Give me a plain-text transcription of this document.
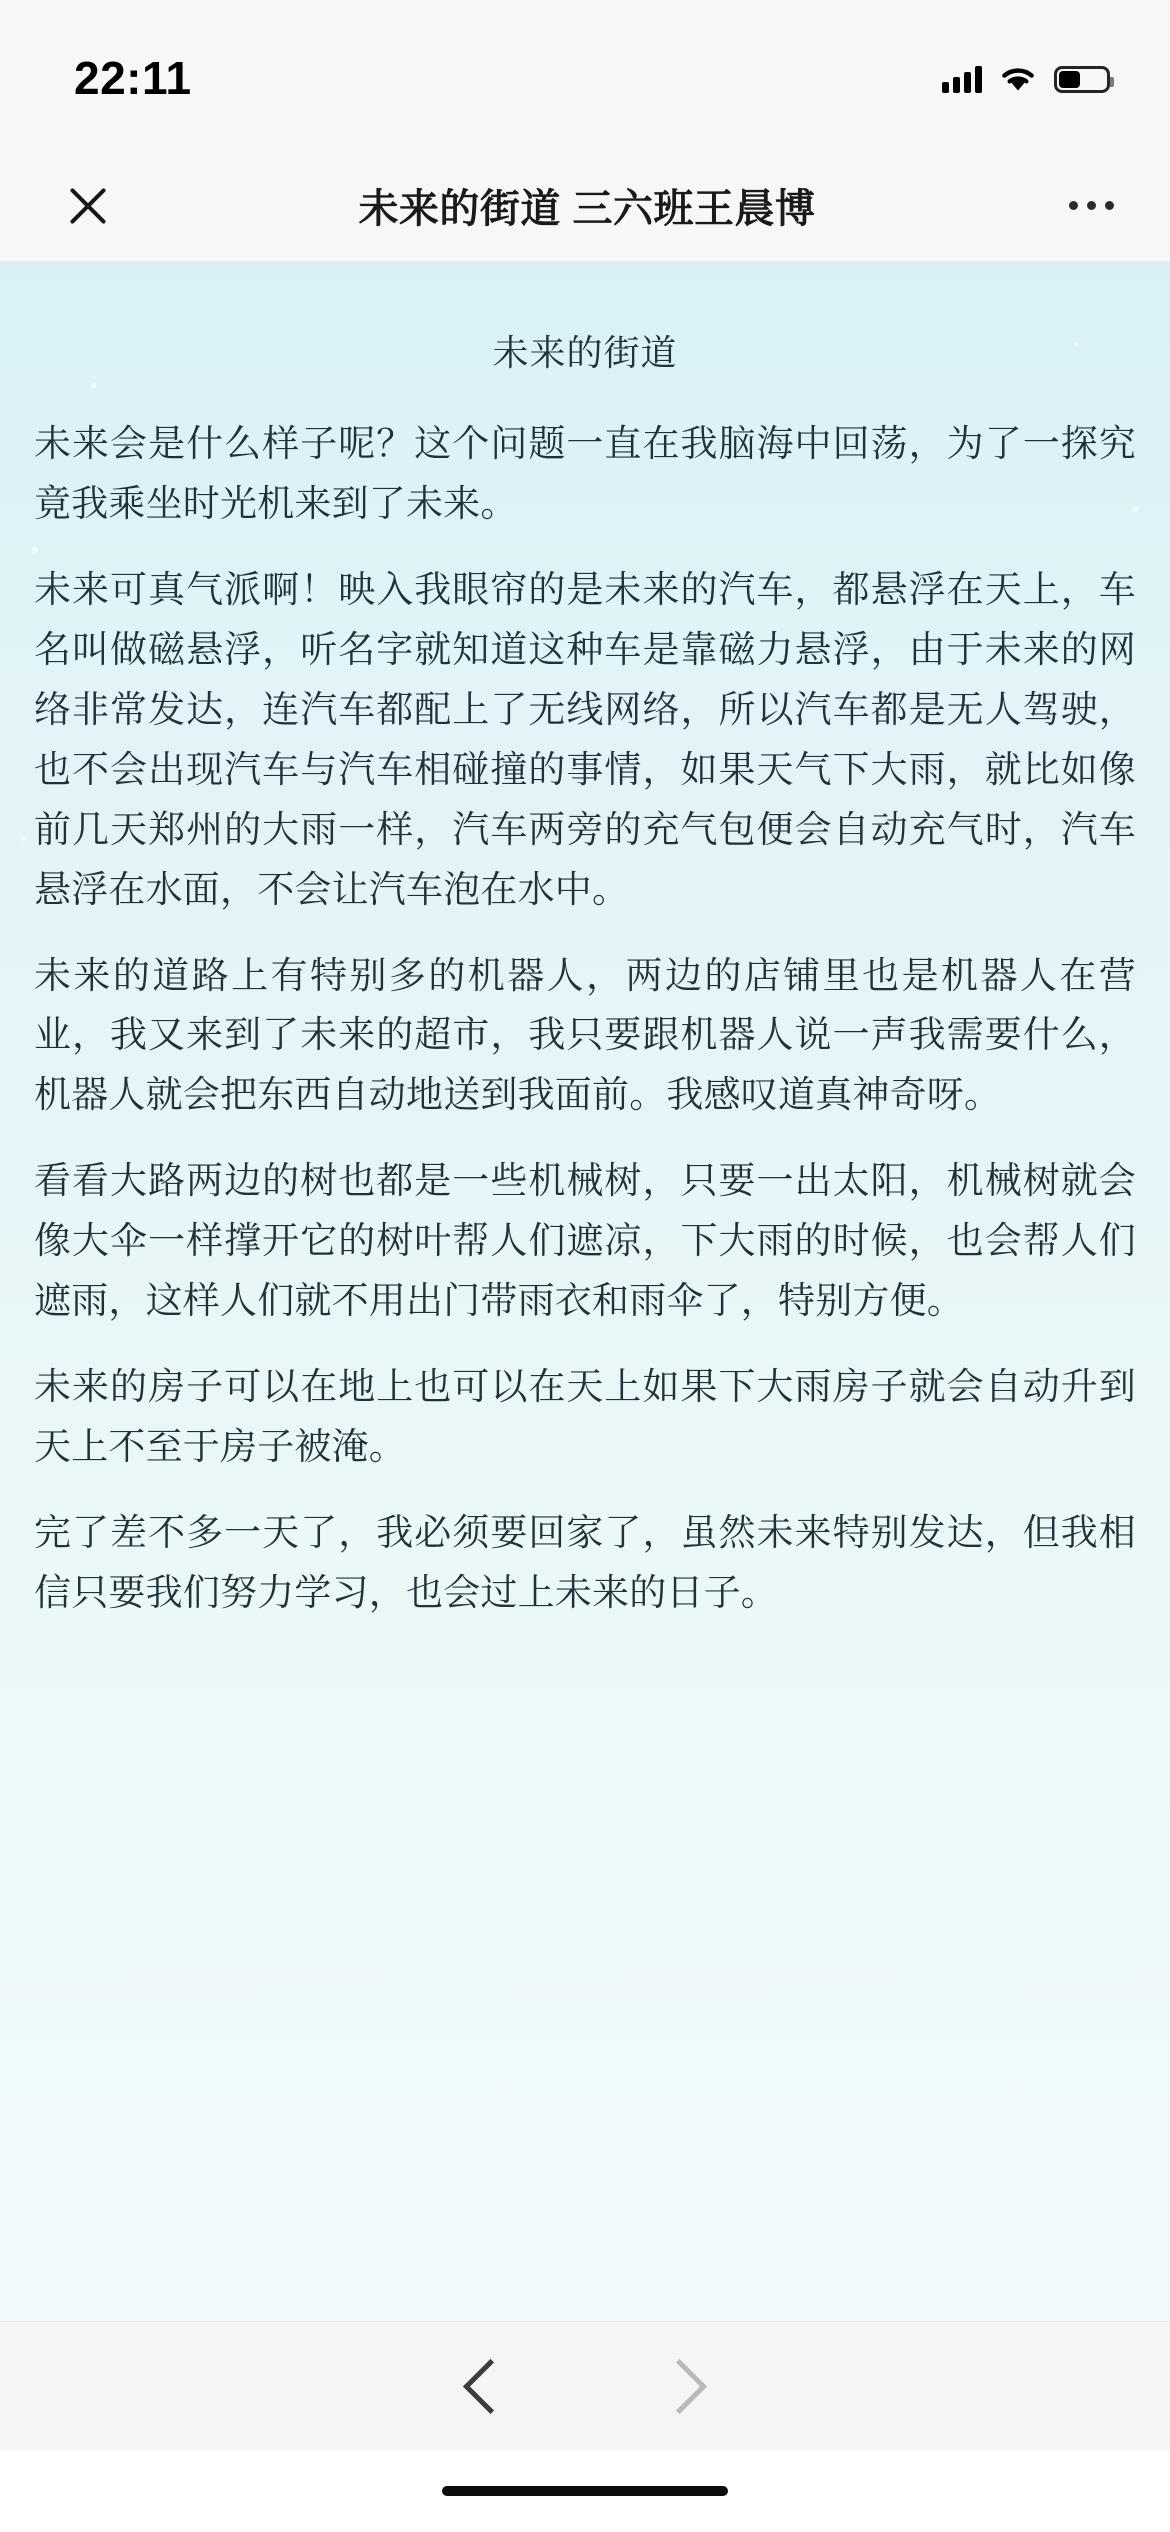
22:11
未来的街道 三六班王晨博
未来的街道

未来会是什么样子呢？这个问题一直在我脑海中回荡，为了一探究竟我乘坐时光机来到了未来。

未来可真气派啊！映入我眼帘的是未来的汽车，都悬浮在天上，车名叫做磁悬浮，听名字就知道这种车是靠磁力悬浮，由于未来的网络非常发达，连汽车都配上了无线网络，所以汽车都是无人驾驶，也不会出现汽车与汽车相碰撞的事情，如果天气下大雨，就比如像前几天郑州的大雨一样，汽车两旁的充气包便会自动充气时，汽车悬浮在水面，不会让汽车泡在水中。

未来的道路上有特别多的机器人，两边的店铺里也是机器人在营业，我又来到了未来的超市，我只要跟机器人说一声我需要什么，机器人就会把东西自动地送到我面前。我感叹道真神奇呀。

看看大路两边的树也都是一些机械树，只要一出太阳，机械树就会像大伞一样撑开它的树叶帮人们遮凉，下大雨的时候，也会帮人们遮雨，这样人们就不用出门带雨衣和雨伞了，特别方便。

未来的房子可以在地上也可以在天上如果下大雨房子就会自动升到天上不至于房子被淹。

完了差不多一天了，我必须要回家了，虽然未来特别发达，但我相信只要我们努力学习，也会过上未来的日子。
